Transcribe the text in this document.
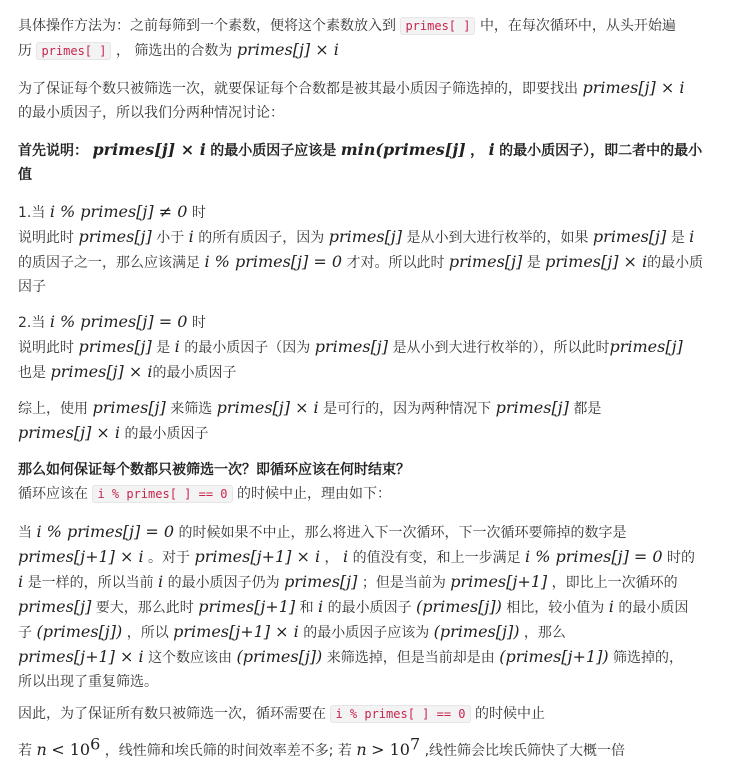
具体操作方法为：之前每筛到一个素数，便将这个素数放入到 primes[ ] 中，在每次循环中，从头开始遍
历 primes[ ] ， 筛选出的合数为 primes[j] × i

为了保证每个数只被筛选一次，就要保证每个合数都是被其最小质因子筛选掉的，即要找出 primes[j] × i
的最小质因子，所以我们分两种情况讨论：

首先说明： primes[j] × i 的最小质因子应该是 min(primes[j] ， i 的最小质因子），即二者中的最小
值

1.当 i % primes[j] ≠ 0 时
说明此时 primes[j] 小于 i 的所有质因子，因为 primes[j] 是从小到大进行枚举的，如果 primes[j] 是 i
的质因子之一，那么应该满足 i % primes[j] = 0 才对。所以此时 primes[j] 是 primes[j] × i的最小质
因子

2.当 i % primes[j] = 0 时
说明此时 primes[j] 是 i 的最小质因子（因为 primes[j] 是从小到大进行枚举的），所以此时primes[j]
也是 primes[j] × i的最小质因子

综上，使用 primes[j] 来筛选 primes[j] × i 是可行的，因为两种情况下 primes[j] 都是
primes[j] × i 的最小质因子

那么如何保证每个数都只被筛选一次？即循环应该在何时结束？
循环应该在 i % primes[ ] == 0 的时候中止，理由如下：

当 i % primes[j] = 0 的时候如果不中止，那么将进入下一次循环，下一次循环要筛掉的数字是
primes[j+1] × i 。对于 primes[j+1] × i ， i 的值没有变，和上一步满足 i % primes[j] = 0 时的
i 是一样的，所以当前 i 的最小质因子仍为 primes[j] ；但是当前为 primes[j+1] ，即比上一次循环的
primes[j] 要大，那么此时 primes[j+1] 和 i 的最小质因子 (primes[j]) 相比，较小值为 i 的最小质因
子 (primes[j]) ，所以 primes[j+1] × i 的最小质因子应该为 (primes[j]) ，那么
primes[j+1] × i 这个数应该由 (primes[j]) 来筛选掉，但是当前却是由 (primes[j+1]) 筛选掉的，
所以出现了重复筛选。

因此，为了保证所有数只被筛选一次，循环需要在 i % primes[ ] == 0 的时候中止

若 $n < 10^6$ ，线性筛和埃氏筛的时间效率差不多; 若 $n > 10^7$ ,线性筛会比埃氏筛快了大概一倍
